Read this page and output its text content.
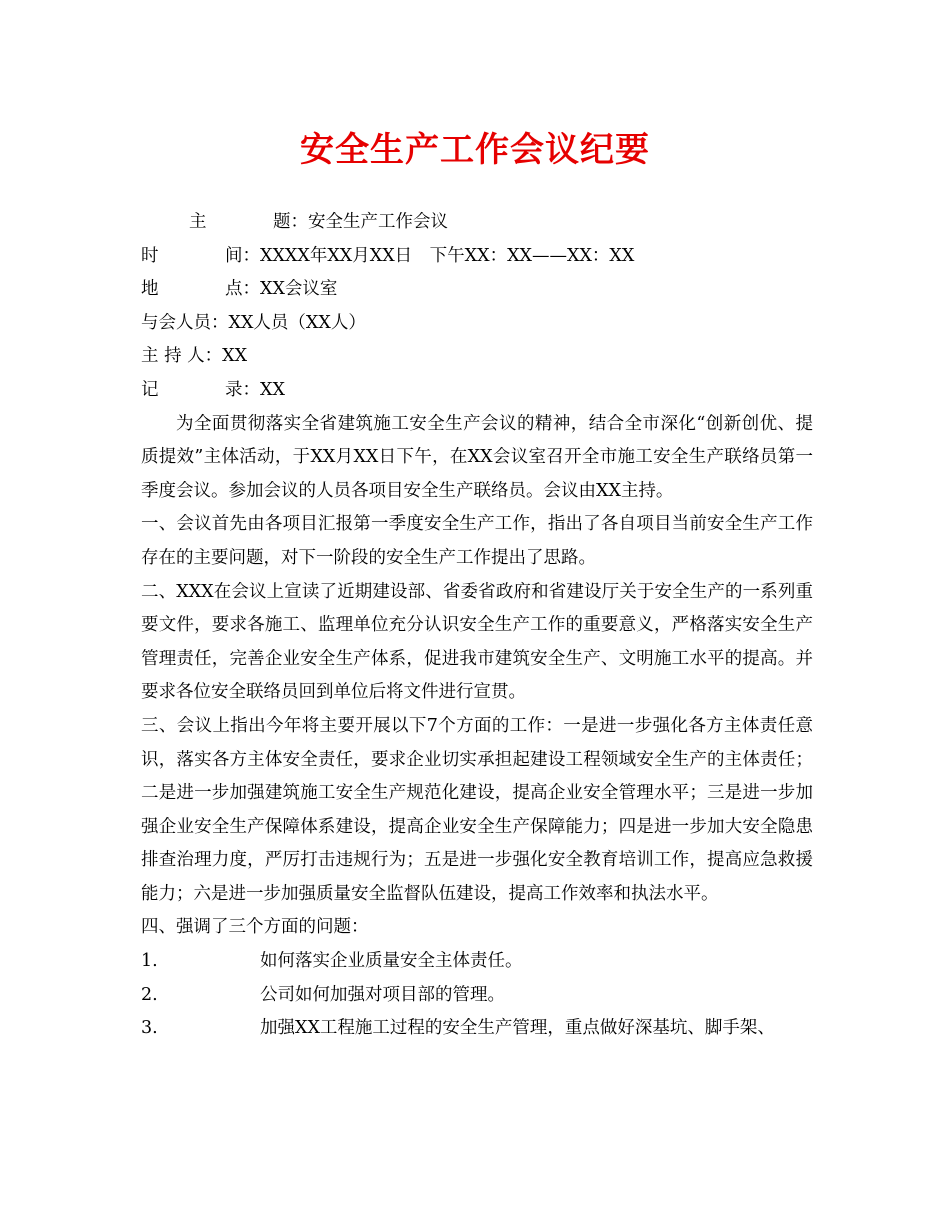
安全生产工作会议纪要
主	题：安全生产工作会议
时	间：XXXX年XX月XX日　下午XX：XX——XX：XX
地	点：XX会议室
与会人员：XX人员（XX人）
主 持 人：XX
记	录：XX
为全面贯彻落实全省建筑施工安全生产会议的精神，结合全市深化“创新创优、提质提效”主体活动，于XX月XX日下午，在XX会议室召开全市施工安全生产联络员第一季度会议。参加会议的人员各项目安全生产联络员。会议由XX主持。
一、会议首先由各项目汇报第一季度安全生产工作，指出了各自项目当前安全生产工作存在的主要问题，对下一阶段的安全生产工作提出了思路。
二、XXX在会议上宣读了近期建设部、省委省政府和省建设厅关于安全生产的一系列重要文件，要求各施工、监理单位充分认识安全生产工作的重要意义，严格落实安全生产管理责任，完善企业安全生产体系，促进我市建筑安全生产、文明施工水平的提高。并要求各位安全联络员回到单位后将文件进行宣贯。
三、会议上指出今年将主要开展以下7个方面的工作：一是进一步强化各方主体责任意识，落实各方主体安全责任，要求企业切实承担起建设工程领域安全生产的主体责任；二是进一步加强建筑施工安全生产规范化建设，提高企业安全管理水平；三是进一步加强企业安全生产保障体系建设，提高企业安全生产保障能力；四是进一步加大安全隐患排查治理力度，严厉打击违规行为；五是进一步强化安全教育培训工作，提高应急救援能力；六是进一步加强质量安全监督队伍建设，提高工作效率和执法水平。
四、强调了三个方面的问题：
1.	如何落实企业质量安全主体责任。
2.	公司如何加强对项目部的管理。
3.	加强XX工程施工过程的安全生产管理，重点做好深基坑、脚手架、
